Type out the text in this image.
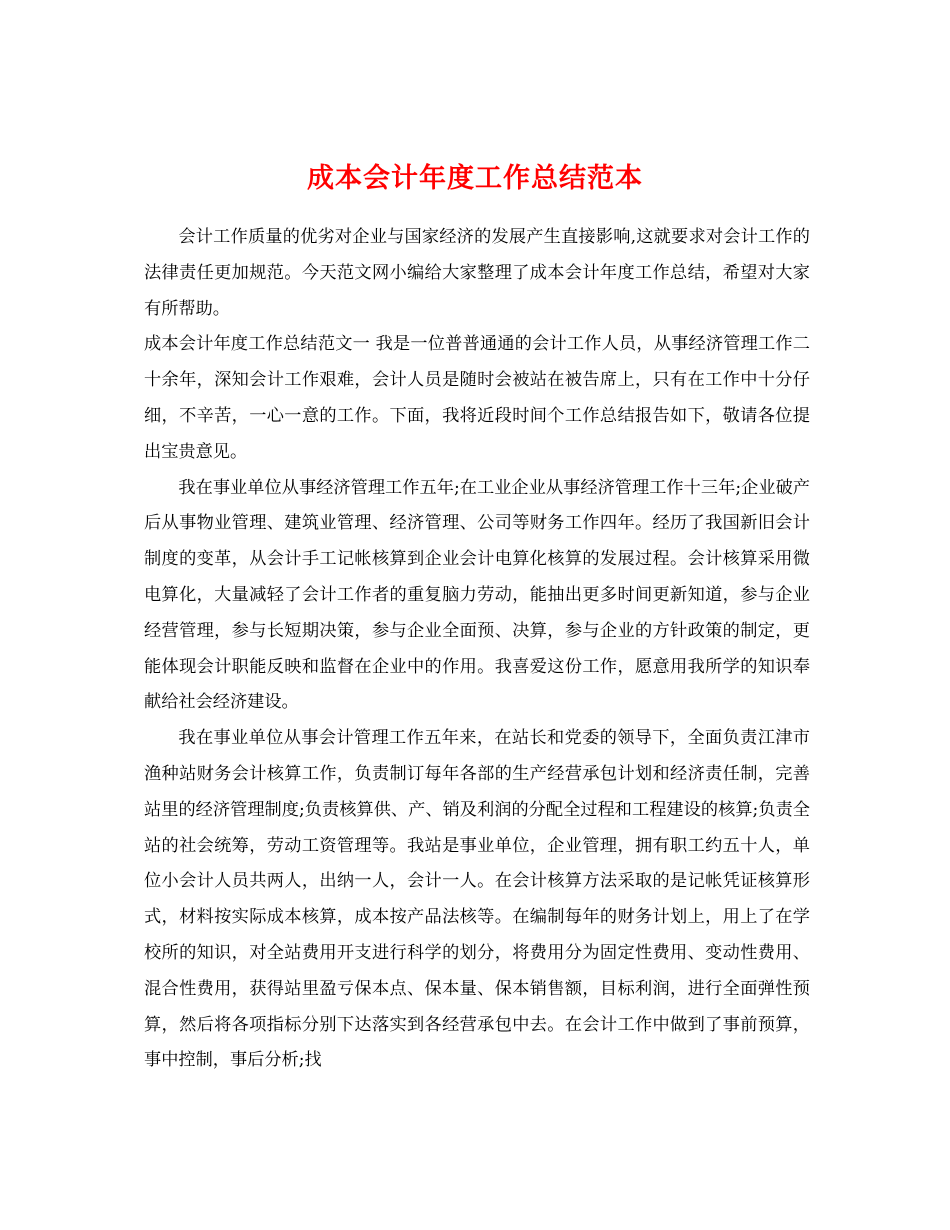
成本会计年度工作总结范本

会计工作质量的优劣对企业与国家经济的发展产生直接影响,这就要求对会计工作的法律责任更加规范。今天范文网小编给大家整理了成本会计年度工作总结，希望对大家有所帮助。

成本会计年度工作总结范文一 我是一位普普通通的会计工作人员，从事经济管理工作二十余年，深知会计工作艰难，会计人员是随时会被站在被告席上，只有在工作中十分仔细，不辛苦，一心一意的工作。下面，我将近段时间个工作总结报告如下，敬请各位提出宝贵意见。

我在事业单位从事经济管理工作五年;在工业企业从事经济管理工作十三年;企业破产后从事物业管理、建筑业管理、经济管理、公司等财务工作四年。经历了我国新旧会计制度的变革，从会计手工记帐核算到企业会计电算化核算的发展过程。会计核算采用微电算化，大量减轻了会计工作者的重复脑力劳动，能抽出更多时间更新知道，参与企业经营管理，参与长短期决策，参与企业全面预、决算，参与企业的方针政策的制定，更能体现会计职能反映和监督在企业中的作用。我喜爱这份工作，愿意用我所学的知识奉献给社会经济建设。

我在事业单位从事会计管理工作五年来，在站长和党委的领导下，全面负责江津市渔种站财务会计核算工作，负责制订每年各部的生产经营承包计划和经济责任制，完善站里的经济管理制度;负责核算供、产、销及利润的分配全过程和工程建设的核算;负责全站的社会统筹，劳动工资管理等。我站是事业单位，企业管理，拥有职工约五十人，单位小会计人员共两人，出纳一人，会计一人。在会计核算方法采取的是记帐凭证核算形式，材料按实际成本核算，成本按产品法核等。在编制每年的财务计划上，用上了在学校所的知识，对全站费用开支进行科学的划分，将费用分为固定性费用、变动性费用、混合性费用，获得站里盈亏保本点、保本量、保本销售额，目标利润，进行全面弹性预算，然后将各项指标分别下达落实到各经营承包中去。在会计工作中做到了事前预算，事中控制，事后分析;找
